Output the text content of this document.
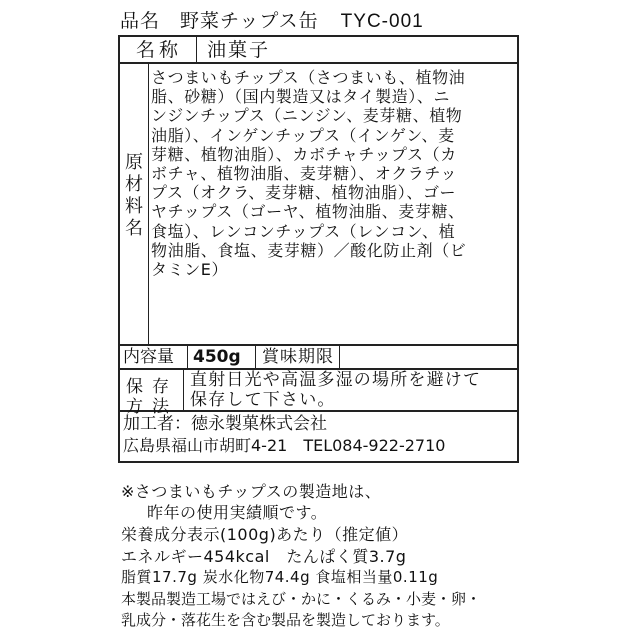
品名　野菜チップス缶 TYC-001
名称 油菓子
原
材
料
名
さつまいもチップス（さつまいも、植物油
脂、砂糖）（国内製造又はタイ製造）、ニ
ンジンチップス（ニンジン、麦芽糖、植物
油脂）、インゲンチップス（インゲン、麦
芽糖、植物油脂）、カボチャチップス（カ
ボチャ、植物油脂、麦芽糖）、オクラチッ
プス（オクラ、麦芽糖、植物油脂）、ゴー
ヤチップス（ゴーヤ、植物油脂、麦芽糖、
食塩）、レンコンチップス（レンコン、植
物油脂、食塩、麦芽糖）／酸化防止剤（ビ
タミンE）
内容量 450g 賞味期限
保存
方法
直射日光や高温多湿の場所を避けて
保存して下さい。
加工者：徳永製菓株式会社
広島県福山市胡町4-21　TEL084-922-2710
※さつまいもチップスの製造地は、
昨年の使用実績順です。
栄養成分表示(100g)あたり（推定値）
エネルギー454kcal　たんぱく質3.7g
脂質17.7g 炭水化物74.4g 食塩相当量0.11g
本製品製造工場ではえび・かに・くるみ・小麦・卵・
乳成分・落花生を含む製品を製造しております。
